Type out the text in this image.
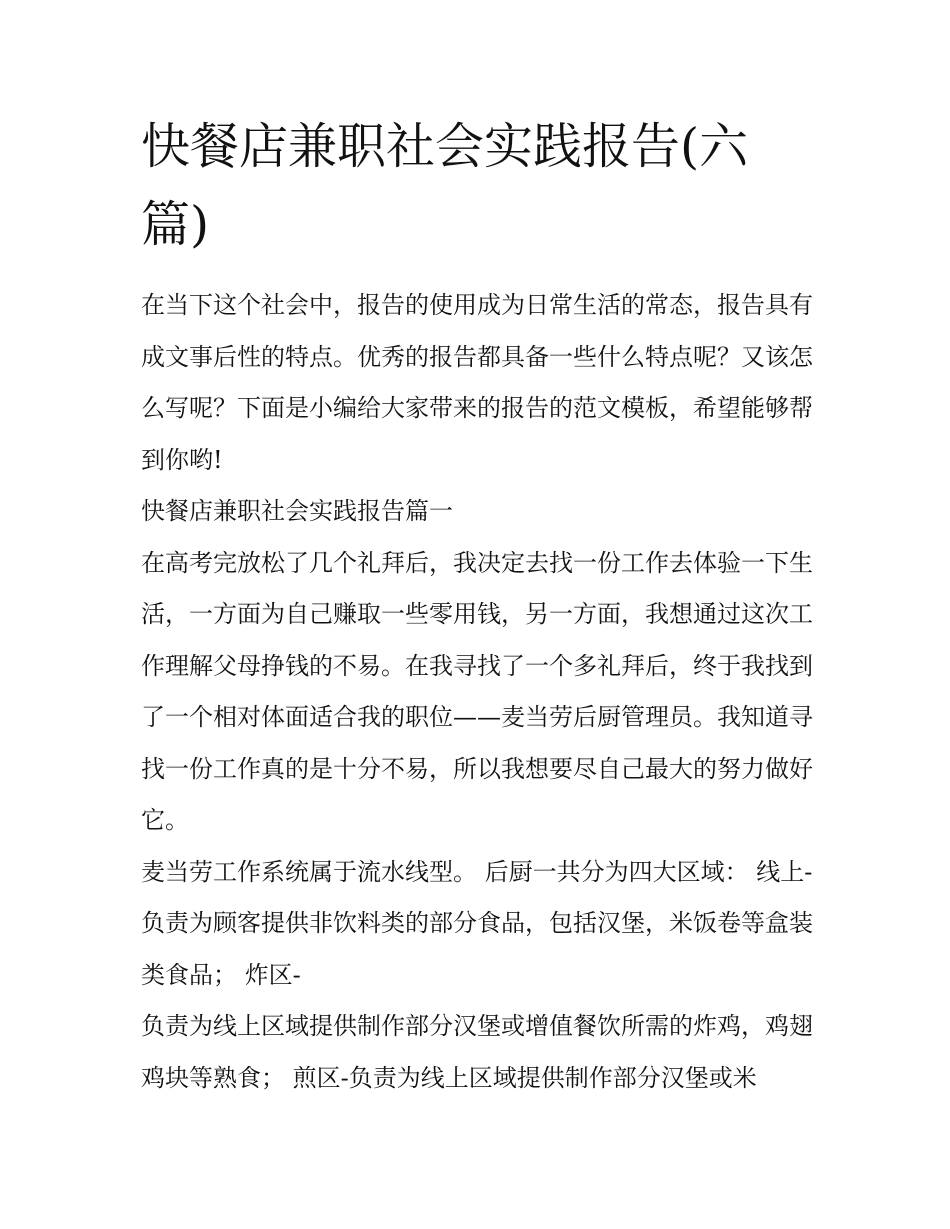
快餐店兼职社会实践报告(六篇)

在当下这个社会中，报告的使用成为日常生活的常态，报告具有成文事后性的特点。优秀的报告都具备一些什么特点呢？又该怎么写呢？下面是小编给大家带来的报告的范文模板，希望能够帮到你哟!

快餐店兼职社会实践报告篇一

在高考完放松了几个礼拜后，我决定去找一份工作去体验一下生活，一方面为自己赚取一些零用钱，另一方面，我想通过这次工作理解父母挣钱的不易。在我寻找了一个多礼拜后，终于我找到了一个相对体面适合我的职位——麦当劳后厨管理员。我知道寻找一份工作真的是十分不易，所以我想要尽自己最大的努力做好它。

麦当劳工作系统属于流水线型。 后厨一共分为四大区域： 线上-负责为顾客提供非饮料类的部分食品，包括汉堡，米饭卷等盒装类食品； 炸区-

负责为线上区域提供制作部分汉堡或增值餐饮所需的炸鸡，鸡翅鸡块等熟食； 煎区-负责为线上区域提供制作部分汉堡或米
